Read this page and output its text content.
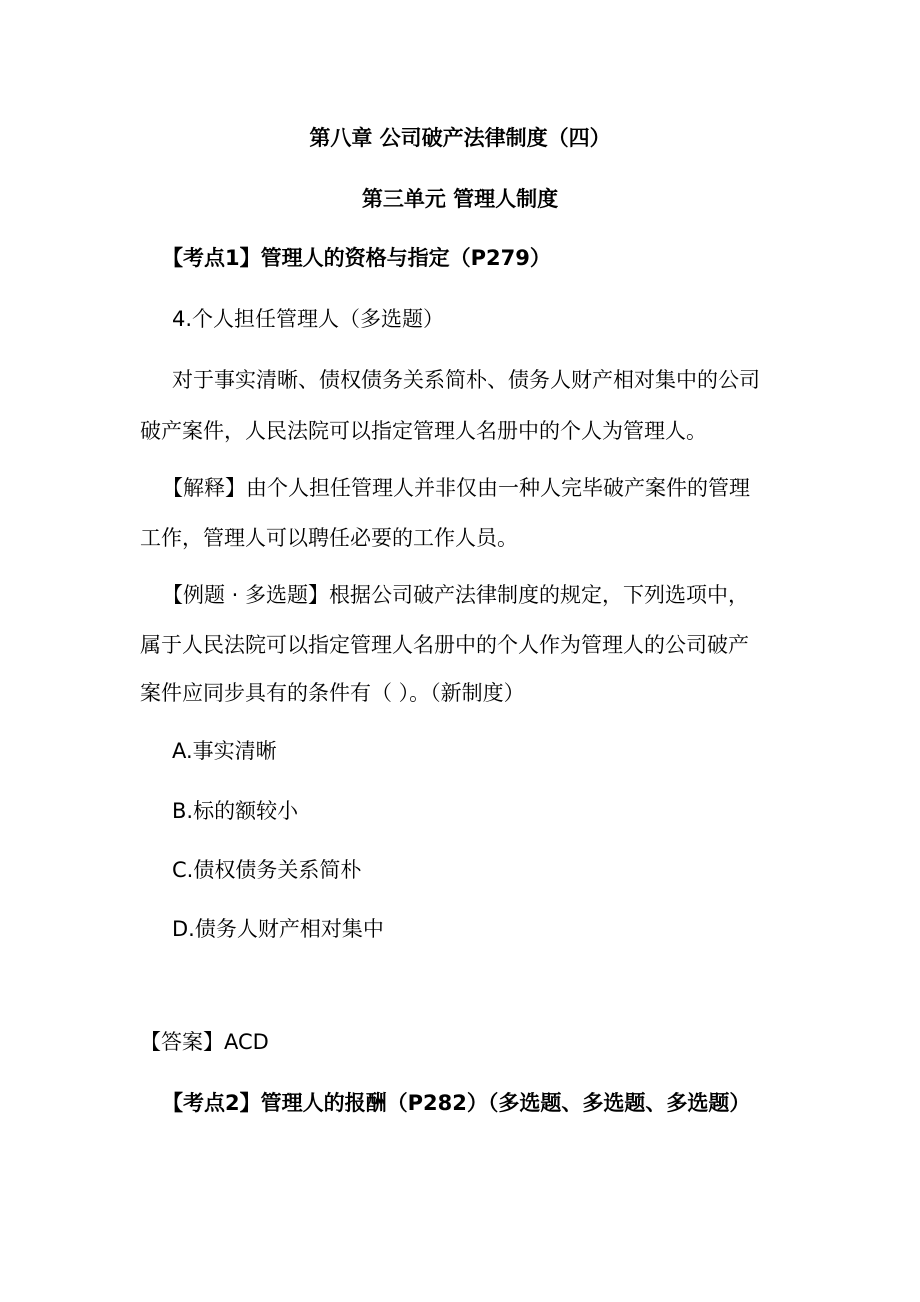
第八章 公司破产法律制度（四）

第三单元 管理人制度

【考点1】管理人的资格与指定（P279）

4.个人担任管理人（多选题）

对于事实清晰、债权债务关系简朴、债务人财产相对集中的公司

破产案件，人民法院可以指定管理人名册中的个人为管理人。

【解释】由个人担任管理人并非仅由一种人完毕破产案件的管理

工作，管理人可以聘任必要的工作人员。

【例题 · 多选题】根据公司破产法律制度的规定，下列选项中，

属于人民法院可以指定管理人名册中的个人作为管理人的公司破产

案件应同步具有的条件有（ ）。（新制度）

A.事实清晰

B.标的额较小

C.债权债务关系简朴

D.债务人财产相对集中

【答案】ACD

【考点2】管理人的报酬（P282）（多选题、多选题、多选题）
